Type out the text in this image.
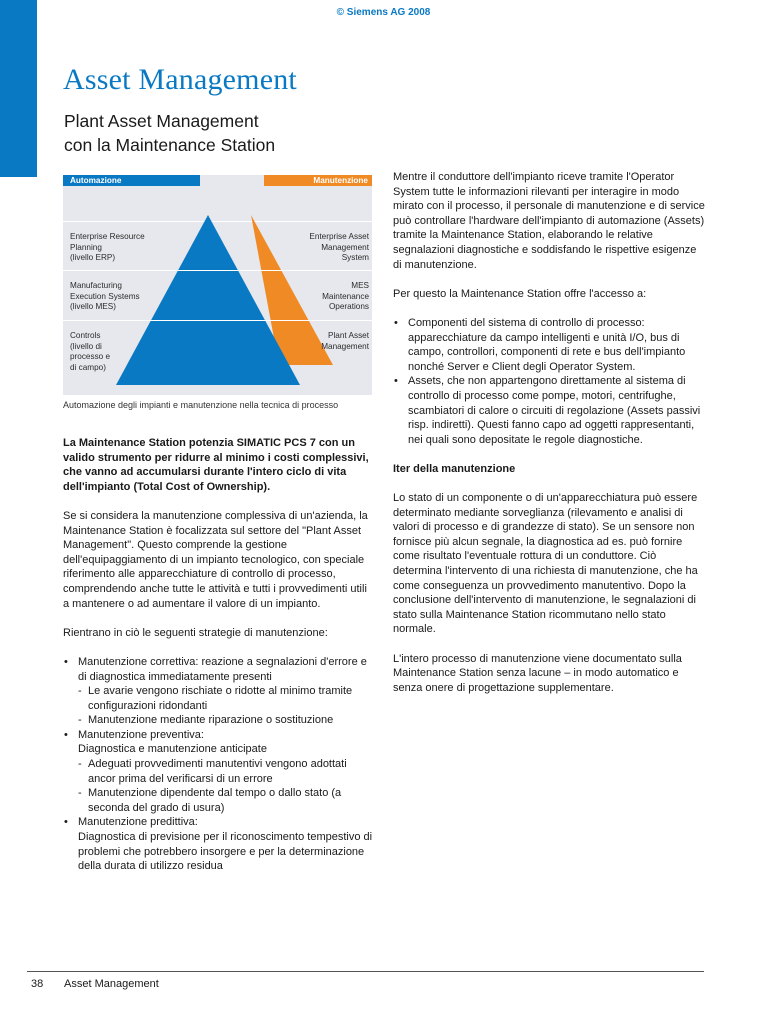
© Siemens AG 2008
Asset Management
Plant Asset Management
con la Maintenance Station
Automazione	Manutenzione
Enterprise Resource
Planning
(livello ERP)
Manufacturing
Execution Systems
(livello MES)
Controls
(livello di
processo e
di campo)
Enterprise Asset
Management
System
MES
Maintenance
Operations
Plant Asset
Management
Automazione degli impianti e manutenzione nella tecnica di processo

La Maintenance Station potenzia SIMATIC PCS 7 con un valido strumento per ridurre al minimo i costi complessivi, che vanno ad accumularsi durante l'intero ciclo di vita dell'impianto (Total Cost of Ownership).

Se si considera la manutenzione complessiva di un'azienda, la Maintenance Station è focalizzata sul settore del "Plant Asset Management". Questo comprende la gestione dell'equipaggiamento di un impianto tecnologico, con speciale riferimento alle apparecchiature di controllo di processo, comprendendo anche tutte le attività e tutti i provvedimenti utili a mantenere o ad aumentare il valore di un impianto.

Rientrano in ciò le seguenti strategie di manutenzione:

• Manutenzione correttiva: reazione a segnalazioni d'errore e di diagnostica immediatamente presenti
- Le avarie vengono rischiate o ridotte al minimo tramite configurazioni ridondanti
- Manutenzione mediante riparazione o sostituzione
• Manutenzione preventiva:
Diagnostica e manutenzione anticipate
- Adeguati provvedimenti manutentivi vengono adottati ancor prima del verificarsi di un errore
- Manutenzione dipendente dal tempo o dallo stato (a seconda del grado di usura)
• Manutenzione predittiva:
Diagnostica di previsione per il riconoscimento tempestivo di problemi che potrebbero insorgere e per la determinazione della durata di utilizzo residua

Mentre il conduttore dell'impianto riceve tramite l'Operator System tutte le informazioni rilevanti per interagire in modo mirato con il processo, il personale di manutenzione e di service può controllare l'hardware dell'impianto di automazione (Assets) tramite la Maintenance Station, elaborando le relative segnalazioni diagnostiche e soddisfando le rispettive esigenze di manutenzione.

Per questo la Maintenance Station offre l'accesso a:

• Componenti del sistema di controllo di processo: apparecchiature da campo intelligenti e unità I/O, bus di campo, controllori, componenti di rete e bus dell'impianto nonché Server e Client degli Operator System.
• Assets, che non appartengono direttamente al sistema di controllo di processo come pompe, motori, centrifughe, scambiatori di calore o circuiti di regolazione (Assets passivi risp. indiretti). Questi fanno capo ad oggetti rappresentanti, nei quali sono depositate le regole diagnostiche.

Iter della manutenzione

Lo stato di un componente o di un'apparecchiatura può essere determinato mediante sorveglianza (rilevamento e analisi di valori di processo e di grandezze di stato). Se un sensore non fornisce più alcun segnale, la diagnostica ad es. può fornire come risultato l'eventuale rottura di un conduttore. Ciò determina l'intervento di una richiesta di manutenzione, che ha come conseguenza un provvedimento manutentivo. Dopo la conclusione dell'intervento di manutenzione, le segnalazioni di stato sulla Maintenance Station ricommutano nello stato normale.

L'intero processo di manutenzione viene documentato sulla Maintenance Station senza lacune – in modo automatico e senza onere di progettazione supplementare.

38 Asset Management
